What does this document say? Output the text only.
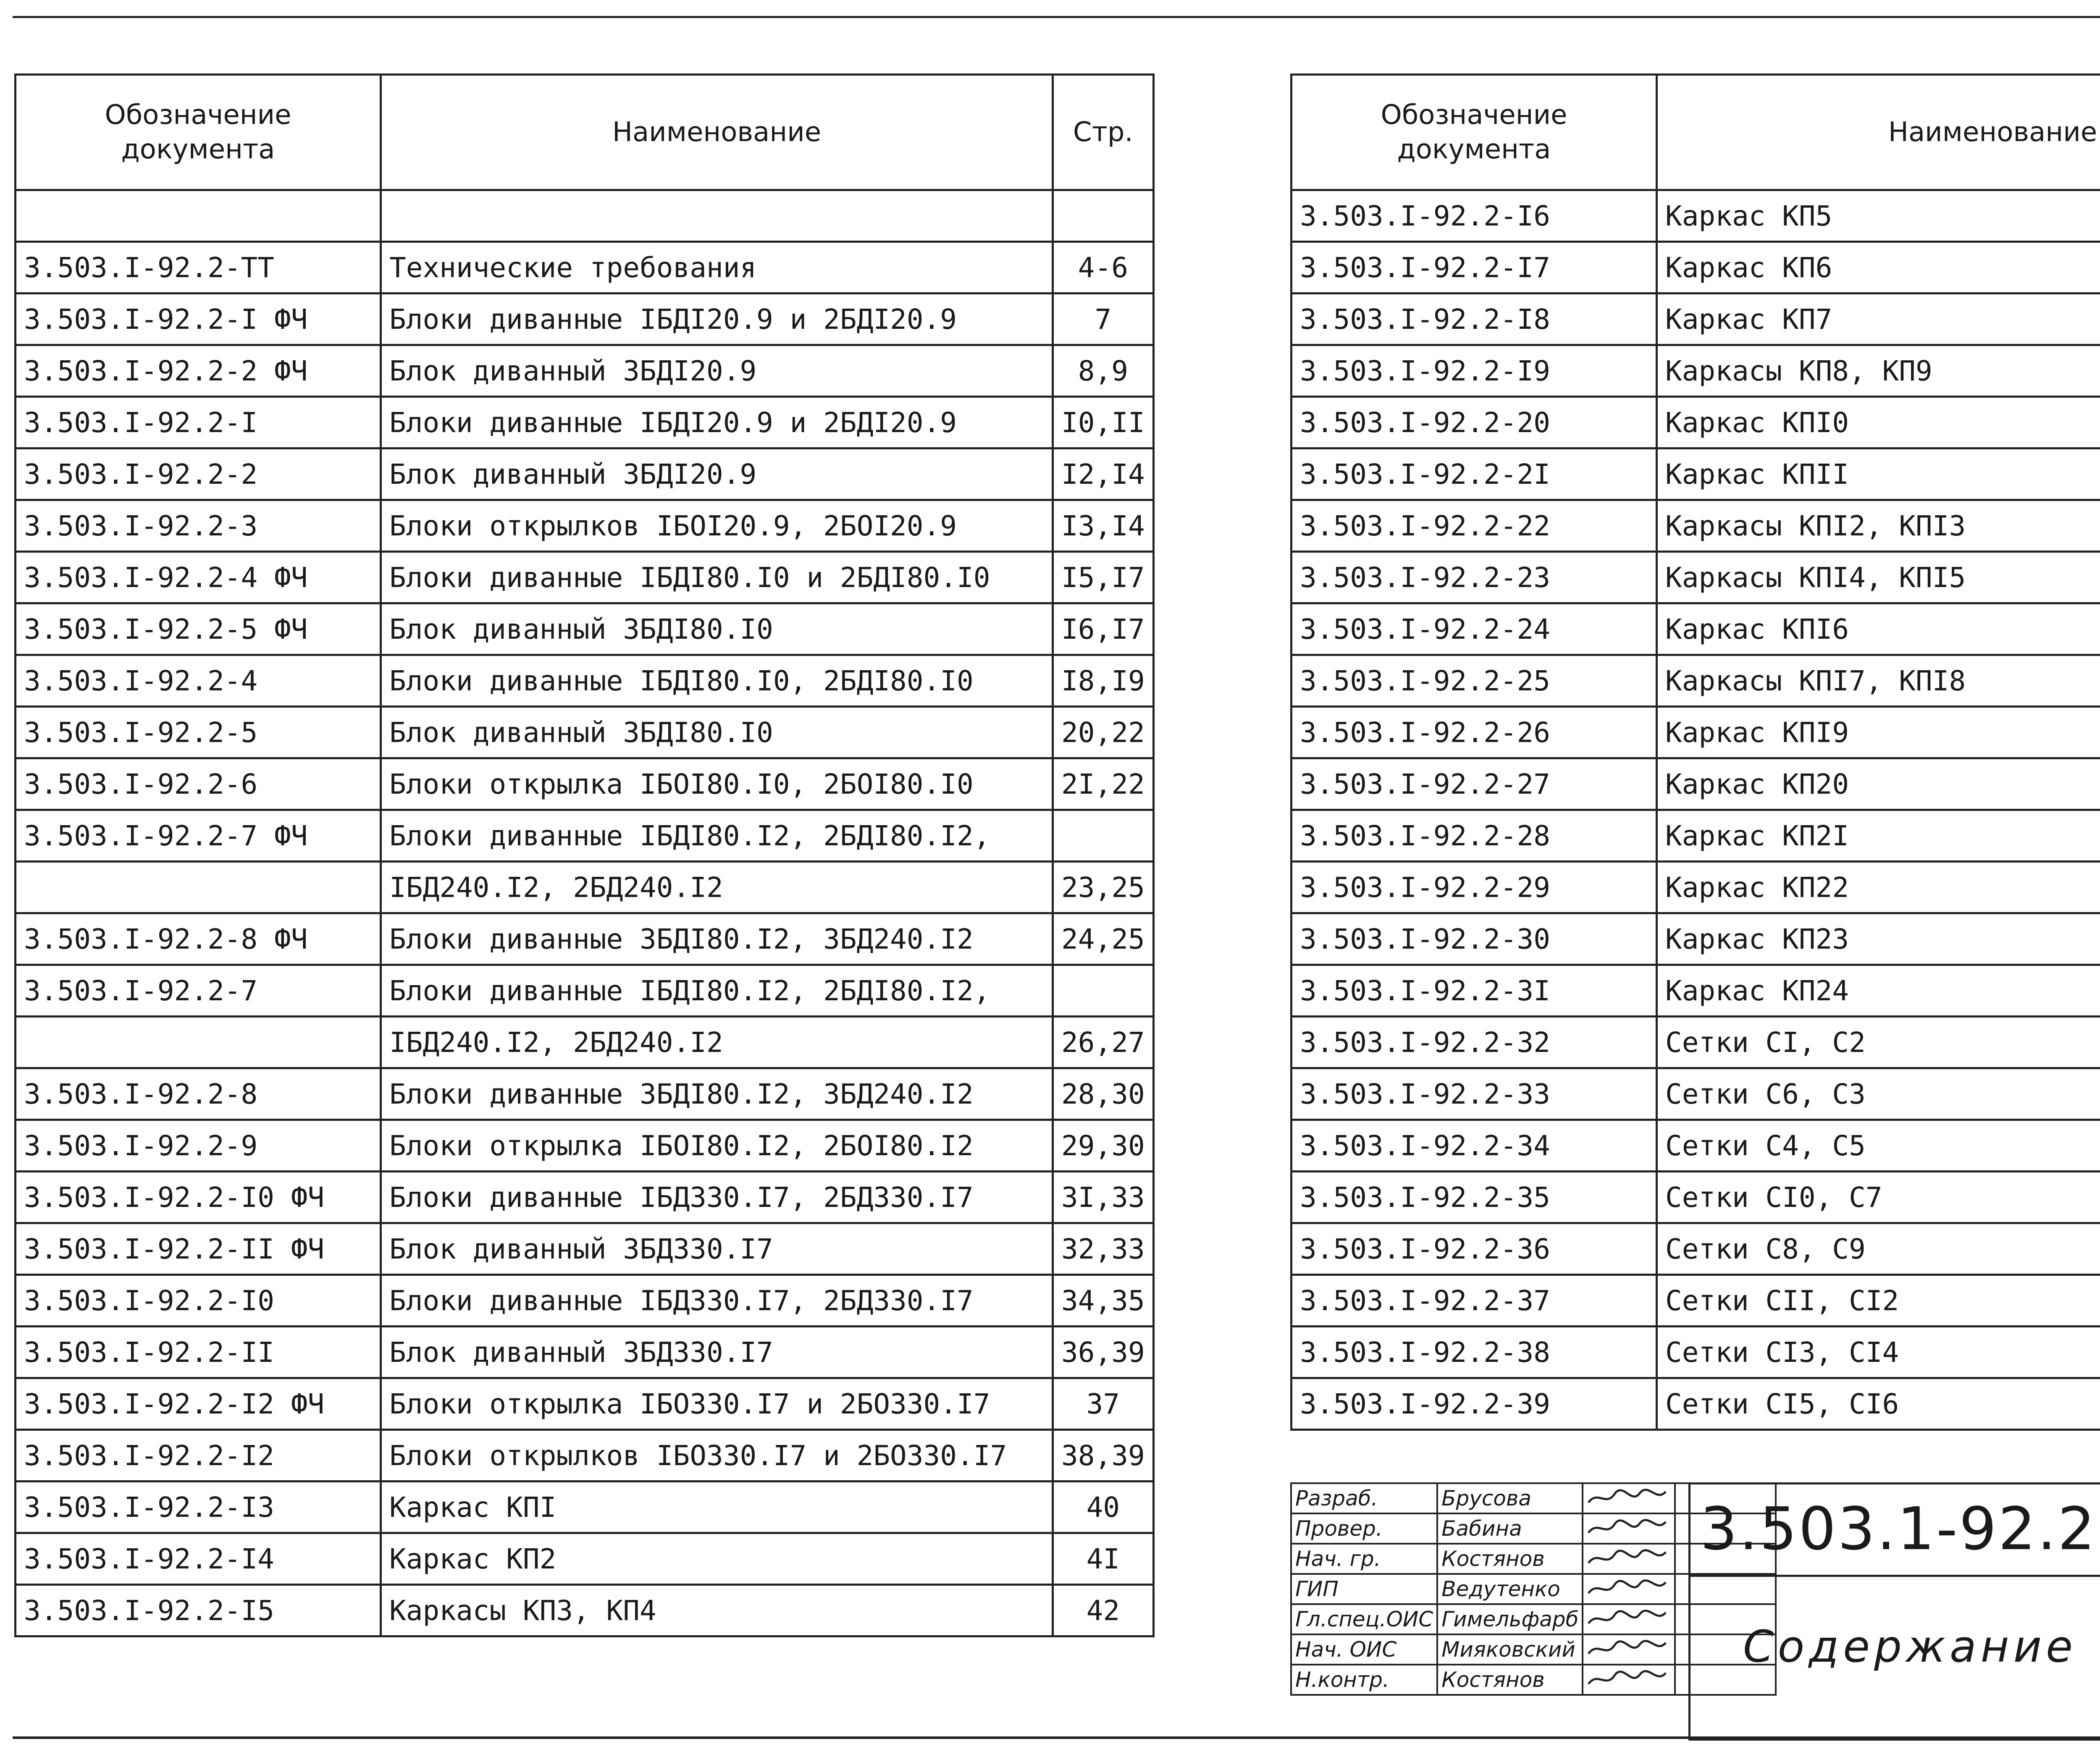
Обозначение
документа	Наименование	Стр.

3.503.I-92.2-ТТ	Технические требования	4-6
3.503.I-92.2-I ФЧ	Блоки диванные IБДI20.9 и 2БДI20.9	7
3.503.I-92.2-2 ФЧ	Блок диванный 3БДI20.9	8,9
3.503.I-92.2-I	Блоки диванные IБДI20.9 и 2БДI20.9	I0,II
3.503.I-92.2-2	Блок диванный 3БДI20.9	I2,I4
3.503.I-92.2-3	Блоки открылков IБОI20.9, 2БОI20.9	I3,I4
3.503.I-92.2-4 ФЧ	Блоки диванные IБДI80.I0 и 2БДI80.I0	I5,I7
3.503.I-92.2-5 ФЧ	Блок диванный 3БДI80.I0	I6,I7
3.503.I-92.2-4	Блоки диванные IБДI80.I0, 2БДI80.I0	I8,I9
3.503.I-92.2-5	Блок диванный 3БДI80.I0	20,22
3.503.I-92.2-6	Блоки открылка IБОI80.I0, 2БОI80.I0	2I,22
3.503.I-92.2-7 ФЧ	Блоки диванные IБДI80.I2, 2БДI80.I2,	
	IБД240.I2, 2БД240.I2	23,25
3.503.I-92.2-8 ФЧ	Блоки диванные 3БДI80.I2, 3БД240.I2	24,25
3.503.I-92.2-7	Блоки диванные IБДI80.I2, 2БДI80.I2,	
	IБД240.I2, 2БД240.I2	26,27
3.503.I-92.2-8	Блоки диванные 3БДI80.I2, 3БД240.I2	28,30
3.503.I-92.2-9	Блоки открылка IБОI80.I2, 2БОI80.I2	29,30
3.503.I-92.2-I0 ФЧ	Блоки диванные IБД330.I7, 2БД330.I7	3I,33
3.503.I-92.2-II ФЧ	Блок диванный 3БД330.I7	32,33
3.503.I-92.2-I0	Блоки диванные IБД330.I7, 2БД330.I7	34,35
3.503.I-92.2-II	Блок диванный 3БД330.I7	36,39
3.503.I-92.2-I2 ФЧ	Блоки открылка IБО330.I7 и 2БО330.I7	37
3.503.I-92.2-I2	Блоки открылков IБО330.I7 и 2БО330.I7	38,39
3.503.I-92.2-I3	Каркас КПI	40
3.503.I-92.2-I4	Каркас КП2	4I
3.503.I-92.2-I5	Каркасы КП3, КП4	42
Обозначение
документа	Наименование	
3.503.I-92.2-I6	Каркас КП5	
3.503.I-92.2-I7	Каркас КП6	
3.503.I-92.2-I8	Каркас КП7	
3.503.I-92.2-I9	Каркасы КП8, КП9	
3.503.I-92.2-20	Каркас КПI0	
3.503.I-92.2-2I	Каркас КПII	
3.503.I-92.2-22	Каркасы КПI2, КПI3	
3.503.I-92.2-23	Каркасы КПI4, КПI5	
3.503.I-92.2-24	Каркас КПI6	
3.503.I-92.2-25	Каркасы КПI7, КПI8	
3.503.I-92.2-26	Каркас КПI9	
3.503.I-92.2-27	Каркас КП20	
3.503.I-92.2-28	Каркас КП2I	
3.503.I-92.2-29	Каркас КП22	
3.503.I-92.2-30	Каркас КП23	
3.503.I-92.2-3I	Каркас КП24	
3.503.I-92.2-32	Сетки СI, С2	
3.503.I-92.2-33	Сетки С6, С3	
3.503.I-92.2-34	Сетки С4, С5	
3.503.I-92.2-35	Сетки СI0, С7	
3.503.I-92.2-36	Сетки С8, С9	
3.503.I-92.2-37	Сетки СII, СI2	
3.503.I-92.2-38	Сетки СI3, СI4	
3.503.I-92.2-39	Сетки СI5, СI6	
Разраб.	Брусова	

Провер.	Бабина	

Нач. гр.	Костянов	

ГИП	Ведутенко	

Гл.спец.ОИС	Гимельфарб	

Нач. ОИС	Мияковский	

Н.контр.	Костянов	

3.503.1-92.2
Содержание
